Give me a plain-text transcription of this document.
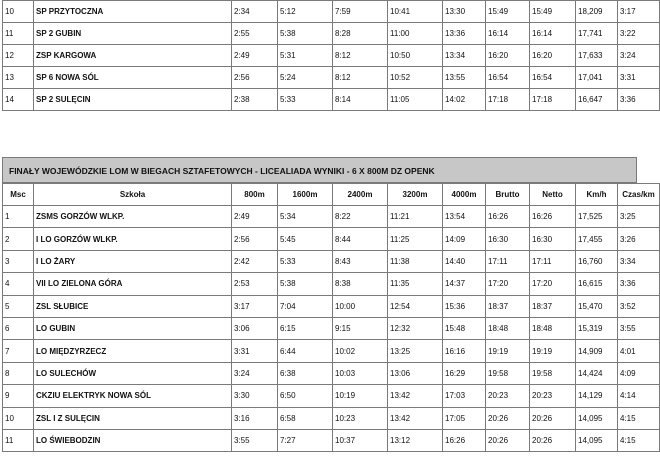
10	SP PRZYTOCZNA	2:34	5:12	7:59	10:41	13:30	15:49	15:49	18,209	3:17
11	SP 2 GUBIN	2:55	5:38	8:28	11:00	13:36	16:14	16:14	17,741	3:22
12	ZSP KARGOWA	2:49	5:31	8:12	10:50	13:34	16:20	16:20	17,633	3:24
13	SP 6 NOWA SÓL	2:56	5:24	8:12	10:52	13:55	16:54	16:54	17,041	3:31
14	SP 2 SULĘCIN	2:38	5:33	8:14	11:05	14:02	17:18	17:18	16,647	3:36
FINAŁY WOJEWÓDZKIE LOM W BIEGACH SZTAFETOWYCH - LICEALIADA WYNIKI - 6 X 800M DZ OPENK
Msc	Szkoła	800m	1600m	2400m	3200m	4000m	Brutto	Netto	Km/h	Czas/km
1	ZSMS GORZÓW WLKP.	2:49	5:34	8:22	11:21	13:54	16:26	16:26	17,525	3:25
2	I LO GORZÓW WLKP.	2:56	5:45	8:44	11:25	14:09	16:30	16:30	17,455	3:26
3	I LO ŻARY	2:42	5:33	8:43	11:38	14:40	17:11	17:11	16,760	3:34
4	VII LO ZIELONA GÓRA	2:53	5:38	8:38	11:35	14:37	17:20	17:20	16,615	3:36
5	ZSL SŁUBICE	3:17	7:04	10:00	12:54	15:36	18:37	18:37	15,470	3:52
6	LO GUBIN	3:06	6:15	9:15	12:32	15:48	18:48	18:48	15,319	3:55
7	LO MIĘDZYRZECZ	3:31	6:44	10:02	13:25	16:16	19:19	19:19	14,909	4:01
8	LO SULECHÓW	3:24	6:38	10:03	13:06	16:29	19:58	19:58	14,424	4:09
9	CKZIU ELEKTRYK NOWA SÓL	3:30	6:50	10:19	13:42	17:03	20:23	20:23	14,129	4:14
10	ZSL I Z SULĘCIN	3:16	6:58	10:23	13:42	17:05	20:26	20:26	14,095	4:15
11	LO ŚWIEBODZIN	3:55	7:27	10:37	13:12	16:26	20:26	20:26	14,095	4:15
